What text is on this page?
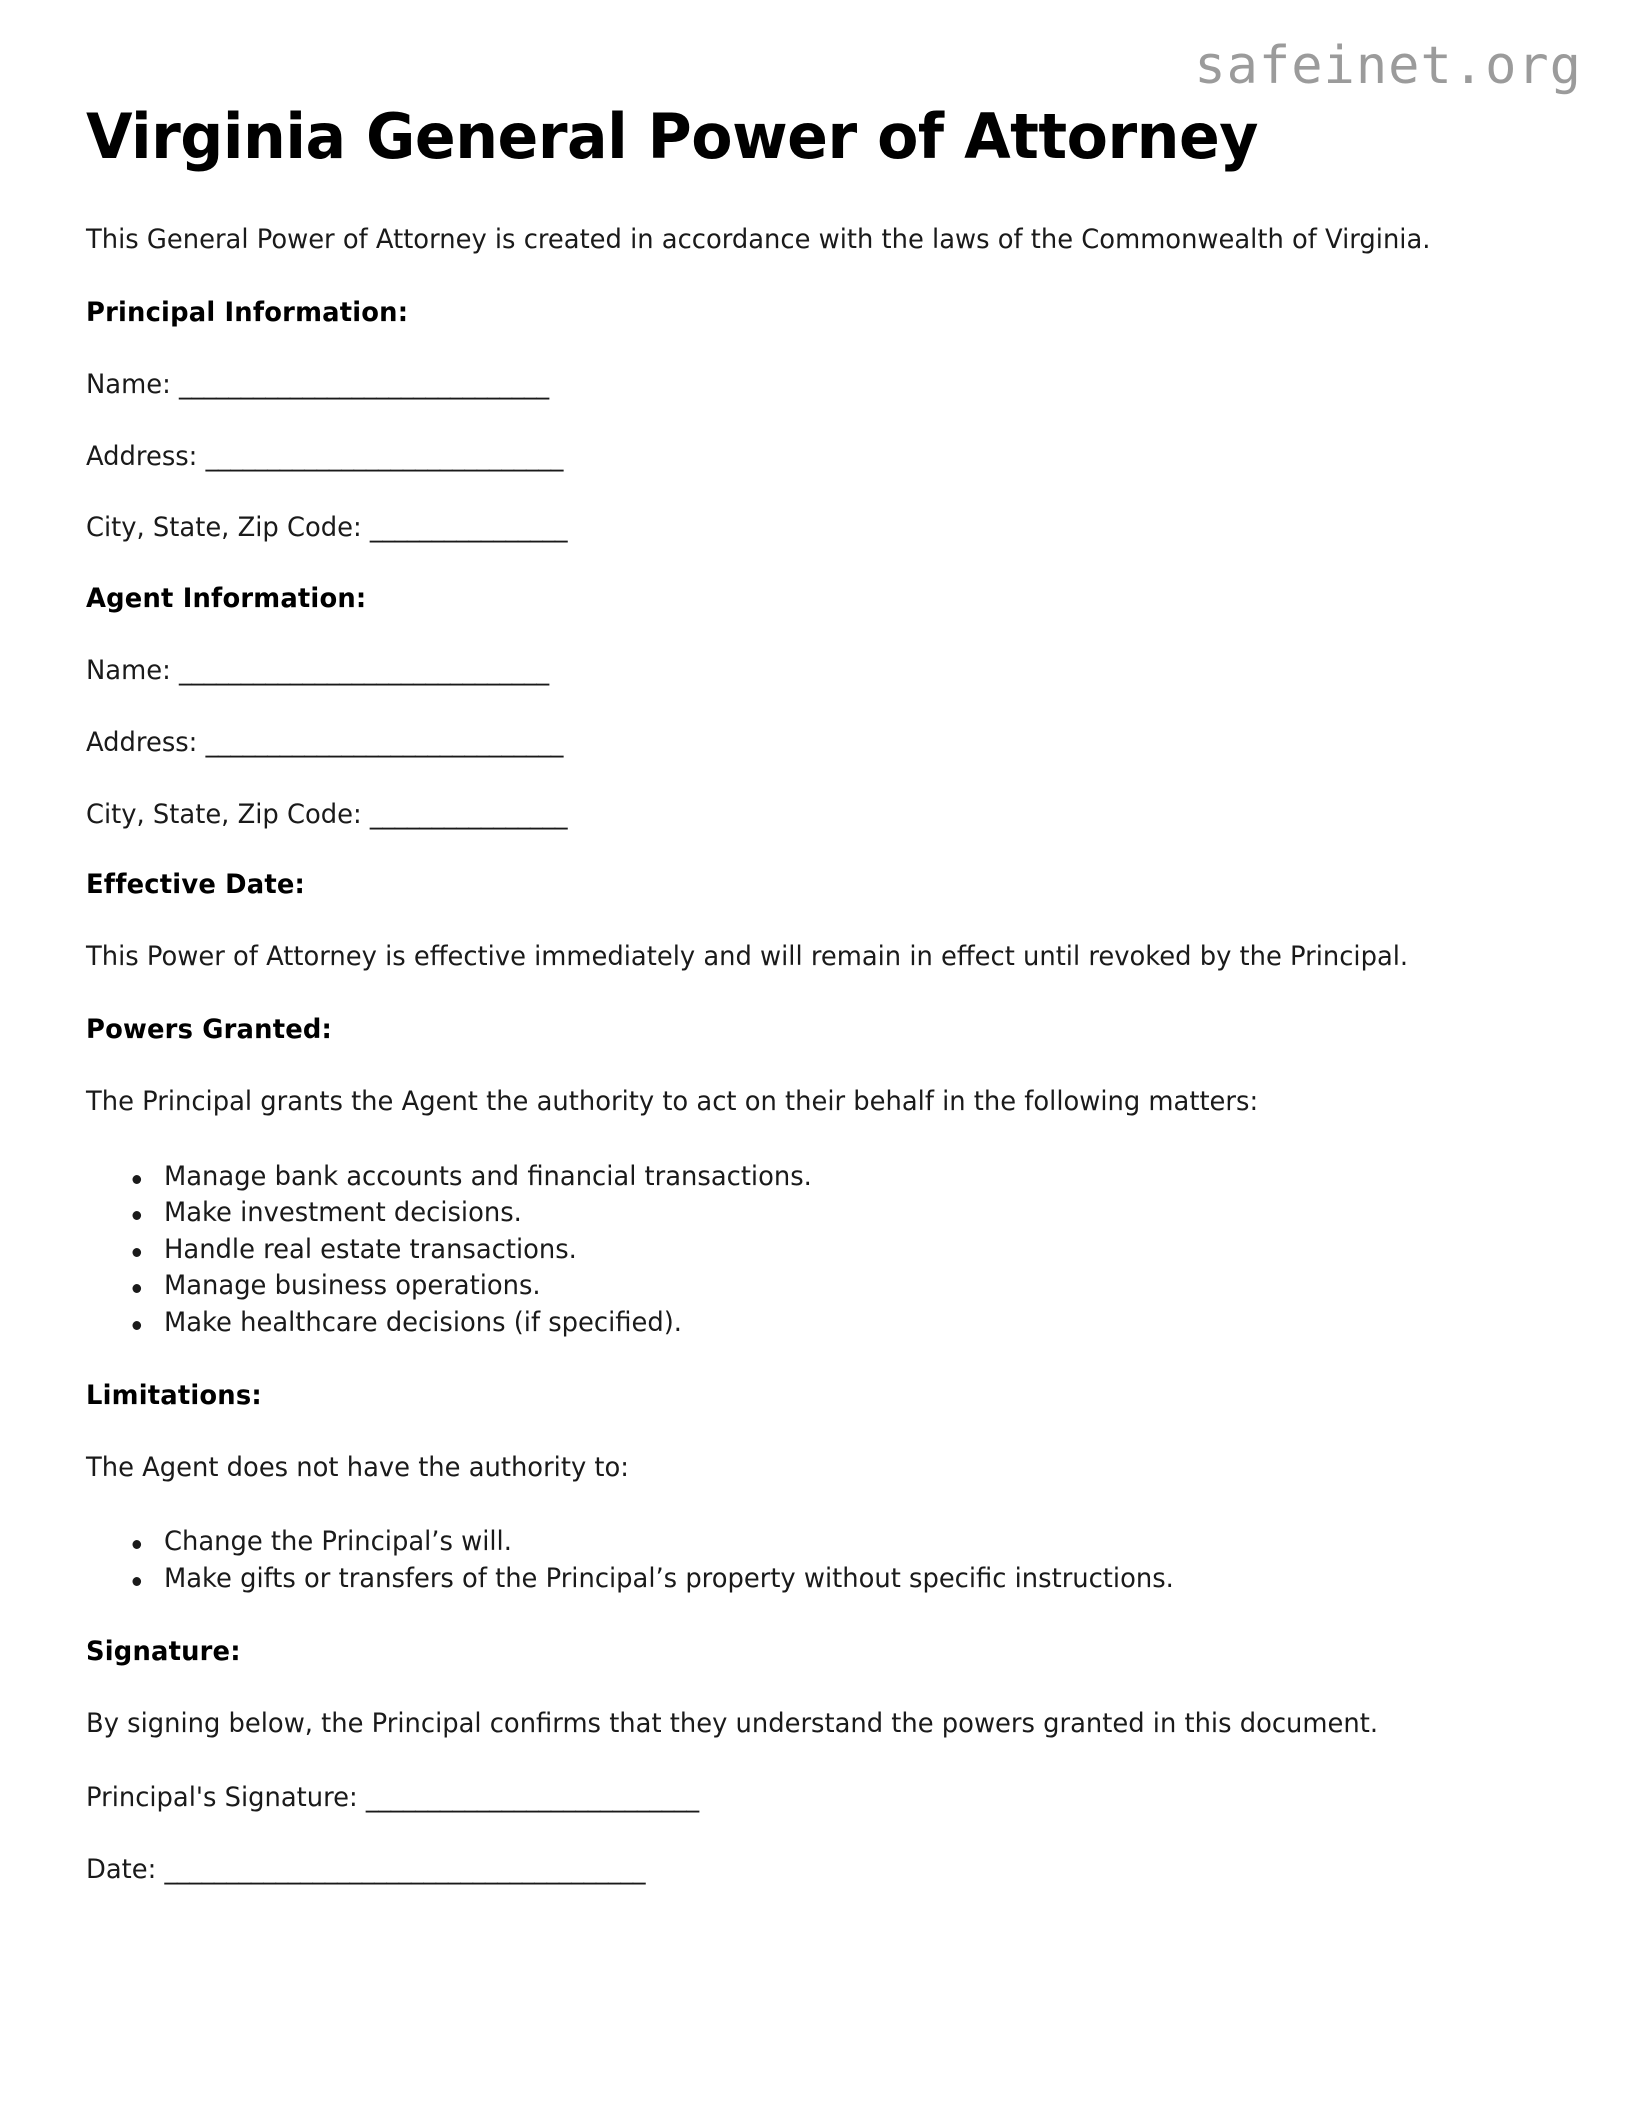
safeinet.org
Virginia General Power of Attorney

This General Power of Attorney is created in accordance with the laws of the Commonwealth of Virginia.

Principal Information:
Name: ______________________________
Address: _____________________________
City, State, Zip Code: ________________
Agent Information:
Name: ______________________________
Address: _____________________________
City, State, Zip Code: ________________
Effective Date:

This Power of Attorney is effective immediately and will remain in effect until revoked by the Principal.

Powers Granted:

The Principal grants the Agent the authority to act on their behalf in the following matters:

Manage bank accounts and financial transactions.
Make investment decisions.
Handle real estate transactions.
Manage business operations.
Make healthcare decisions (if specified).
Limitations:

The Agent does not have the authority to:

Change the Principal’s will.
Make gifts or transfers of the Principal’s property without specific instructions.
Signature:

By signing below, the Principal confirms that they understand the powers granted in this document.

Principal's Signature: ___________________________
Date: _______________________________________
